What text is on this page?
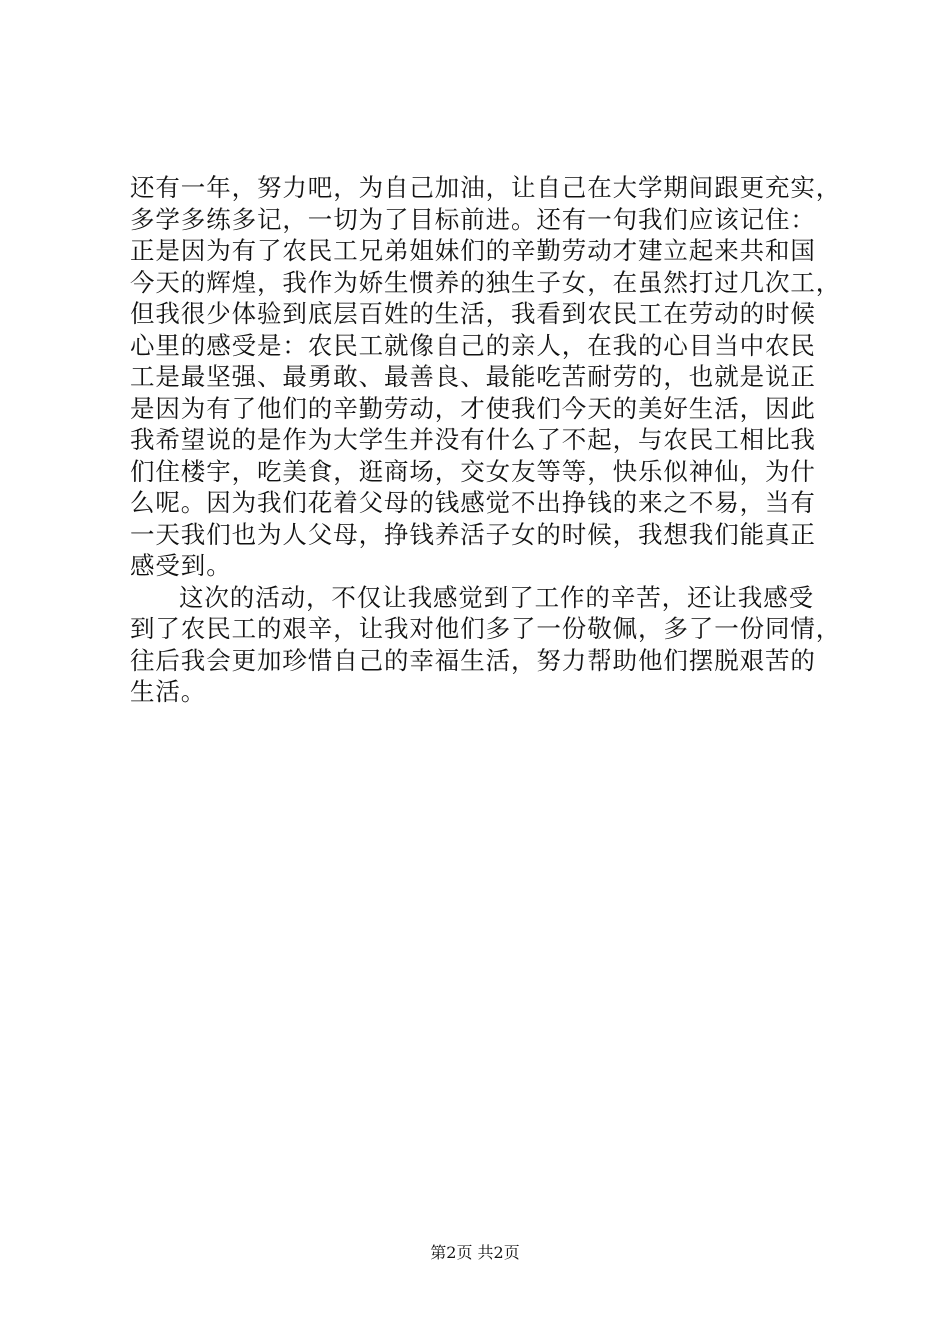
还有一年，努力吧，为自己加油，让自己在大学期间跟更充实，
多学多练多记，一切为了目标前进。还有一句我们应该记住：
正是因为有了农民工兄弟姐妹们的辛勤劳动才建立起来共和国
今天的辉煌，我作为娇生惯养的独生子女，在虽然打过几次工，
但我很少体验到底层百姓的生活，我看到农民工在劳动的时候
心里的感受是：农民工就像自己的亲人，在我的心目当中农民
工是最坚强、最勇敢、最善良、最能吃苦耐劳的，也就是说正
是因为有了他们的辛勤劳动，才使我们今天的美好生活，因此
我希望说的是作为大学生并没有什么了不起，与农民工相比我
们住楼宇，吃美食，逛商场，交女友等等，快乐似神仙，为什
么呢。因为我们花着父母的钱感觉不出挣钱的来之不易，当有
一天我们也为人父母，挣钱养活子女的时候，我想我们能真正
感受到。
这次的活动，不仅让我感觉到了工作的辛苦，还让我感受
到了农民工的艰辛，让我对他们多了一份敬佩，多了一份同情，
往后我会更加珍惜自己的幸福生活，努力帮助他们摆脱艰苦的
生活。
第2页 共2页
